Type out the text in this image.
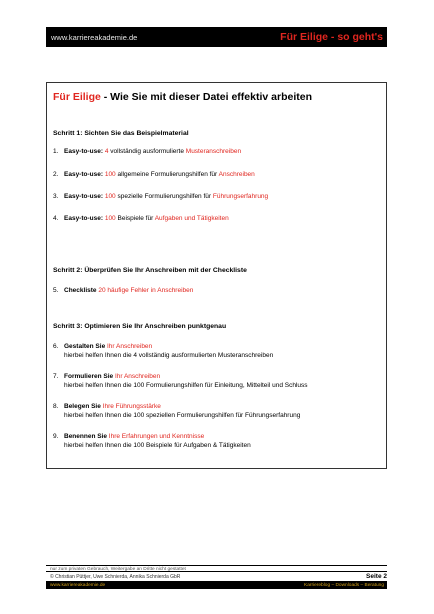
www.karriereakademie.de	Für Eilige - so geht's
Für Eilige - Wie Sie mit dieser Datei effektiv arbeiten
Schritt 1: Sichten Sie das Beispielmaterial
1. Easy-to-use: 4 vollständig ausformulierte Musteranschreiben
2. Easy-to-use: 100 allgemeine Formulierungshilfen für Anschreiben
3. Easy-to-use: 100 spezielle Formulierungshilfen für Führungserfahrung
4. Easy-to-use: 100 Beispiele für Aufgaben und Tätigkeiten
Schritt 2: Überprüfen Sie Ihr Anschreiben mit der Checkliste
5. Checkliste 20 häufige Fehler in Anschreiben
Schritt 3: Optimieren Sie Ihr Anschreiben punktgenau
6. Gestalten Sie Ihr Anschreiben
hierbei helfen Ihnen die 4 vollständig ausformulierten Musteranschreiben
7. Formulieren Sie Ihr Anschreiben
hierbei helfen Ihnen die 100 Formulierungshilfen für Einleitung, Mittelteil und Schluss
8. Belegen Sie Ihre Führungsstärke
hierbei helfen Ihnen die 100 speziellen Formulierungshilfen für Führungserfahrung
9. Benennen Sie Ihre Erfahrungen und Kenntnisse
hierbei helfen Ihnen die 100 Beispiele für Aufgaben & Tätigkeiten
nur zum privaten Gebrauch, Weitergabe an Dritte nicht gestattet
© Christian Püttjer, Uwe Schnierda, Annika Schnierda GbR	Seite 2
www.karriereakademie.de	Karriereblog – Downloads – Beratung
